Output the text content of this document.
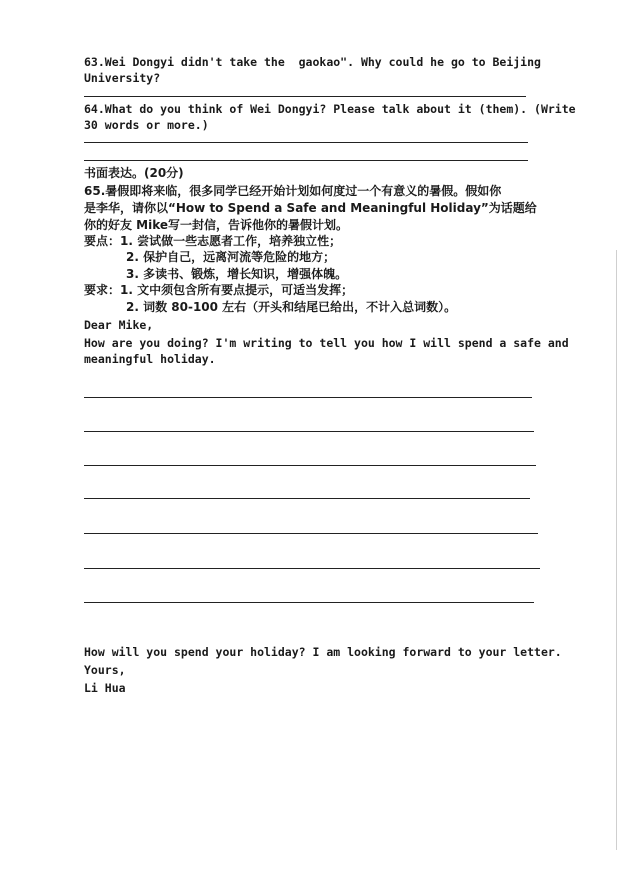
63.Wei Dongyi didn't take the  gaokao". Why could he go to Beijing
University?
64.What do you think of Wei Dongyi? Please talk about it (them). (Write
30 words or more.)
书面表达。(20分)
65.暑假即将来临，很多同学已经开始计划如何度过一个有意义的暑假。假如你
是李华，请你以“How to Spend a Safe and Meaningful Holiday”为话题给
你的好友 Mike写一封信，告诉他你的暑假计划。
要点：1. 尝试做一些志愿者工作，培养独立性；
2. 保护自己，远离河流等危险的地方；
3. 多读书、锻炼，增长知识，增强体魄。
要求：1. 文中须包含所有要点提示，可适当发挥；
2. 词数 80-100 左右（开头和结尾已给出，不计入总词数）。
Dear Mike,
How are you doing? I'm writing to tell you how I will spend a safe and
meaningful holiday.
How will you spend your holiday? I am looking forward to your letter.
Yours,
Li Hua
